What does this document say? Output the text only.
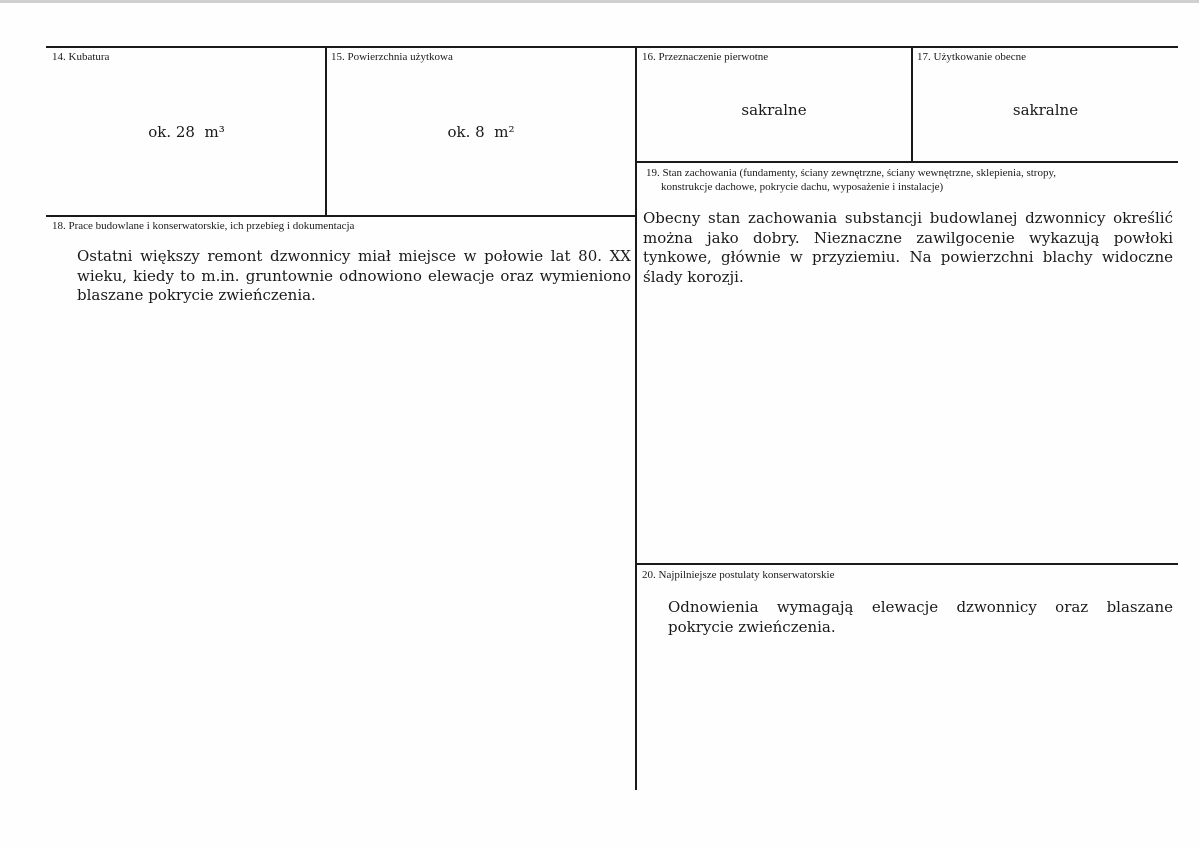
14. Kubatura
ok. 28 m³
15. Powierzchnia użytkowa
ok. 8 m²
16. Przeznaczenie pierwotne
sakralne
17. Użytkowanie obecne
sakralne
19. Stan zachowania (fundamenty, ściany zewnętrzne, ściany wewnętrzne, sklepienia, stropy,
konstrukcje dachowe, pokrycie dachu, wyposażenie i instalacje)
Obecny stan zachowania substancji budowlanej dzwonnicy określić można jako dobry. Nieznaczne zawilgocenie wykazują powłoki tynkowe, głównie w przyziemiu. Na powierzchni blachy widoczne ślady korozji.
18. Prace budowlane i konserwatorskie, ich przebieg i dokumentacja
Ostatni większy remont dzwonnicy miał miejsce w połowie lat 80. XX wieku, kiedy to m.in. gruntownie odnowiono elewacje oraz wymieniono blaszane pokrycie zwieńczenia.
20. Najpilniejsze postulaty konserwatorskie
Odnowienia wymagają elewacje dzwonnicy oraz blaszane pokrycie zwieńczenia.
